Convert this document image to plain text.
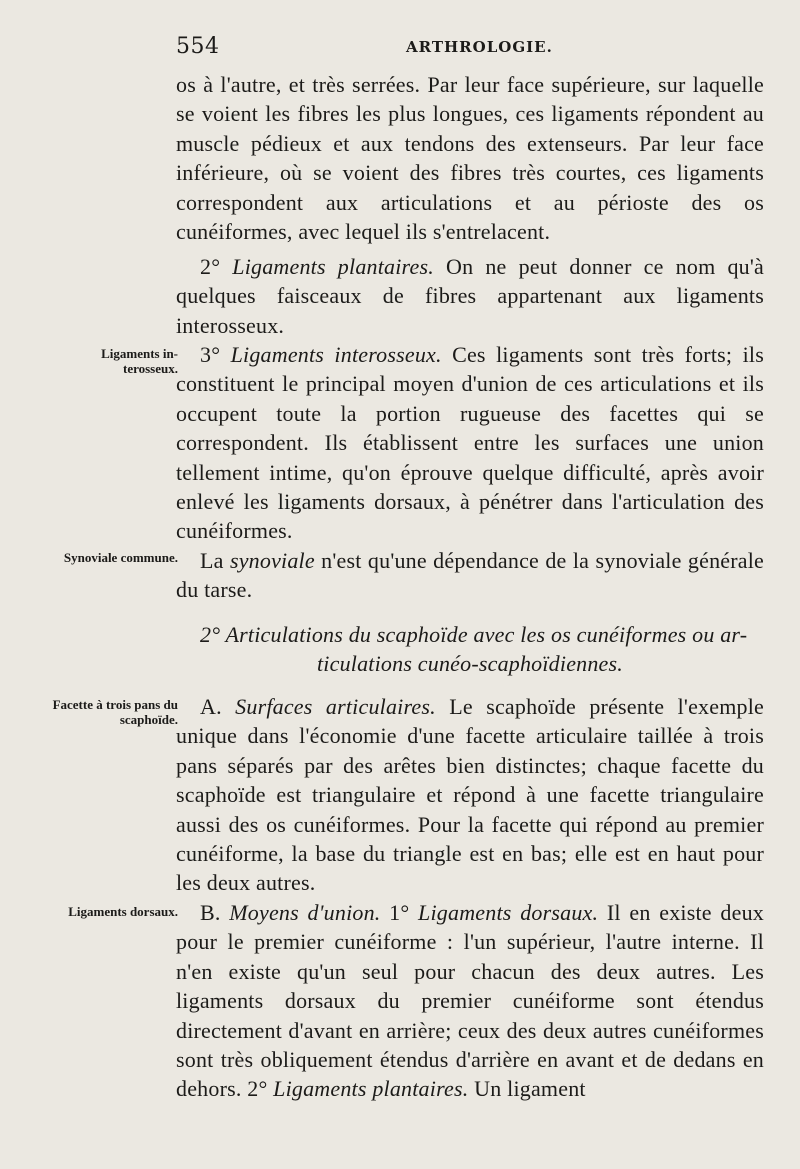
554	ARTHROLOGIE.
Ligaments in-terosseux.
Synoviale commune.
Facette à trois pans du scaphoïde.
Ligaments dorsaux.

os à l'autre, et très serrées. Par leur face supérieure, sur laquelle se voient les fibres les plus longues, ces ligaments répondent au muscle pédieux et aux tendons des extenseurs. Par leur face inférieure, où se voient des fibres très courtes, ces ligaments correspondent aux articulations et au périoste des os cunéiformes, avec lequel ils s'entrelacent.

2° Ligaments plantaires. On ne peut donner ce nom qu'à quelques faisceaux de fibres appartenant aux ligaments interosseux.

3° Ligaments interosseux. Ces ligaments sont très forts; ils constituent le principal moyen d'union de ces articulations et ils occupent toute la portion rugueuse des facettes qui se correspondent. Ils établissent entre les surfaces une union tellement intime, qu'on éprouve quelque difficulté, après avoir enlevé les ligaments dorsaux, à pénétrer dans l'articulation des cunéiformes.

La synoviale n'est qu'une dépendance de la synoviale générale du tarse.

2° Articulations du scaphoïde avec les os cunéiformes ou ar-

ticulations cunéo-scaphoïdiennes.

A. Surfaces articulaires. Le scaphoïde présente l'exemple unique dans l'économie d'une facette articulaire taillée à trois pans séparés par des arêtes bien distinctes; chaque facette du scaphoïde est triangulaire et répond à une facette triangulaire aussi des os cunéiformes. Pour la facette qui répond au premier cunéiforme, la base du triangle est en bas; elle est en haut pour les deux autres.

B. Moyens d'union. 1° Ligaments dorsaux. Il en existe deux pour le premier cunéiforme : l'un supérieur, l'autre interne. Il n'en existe qu'un seul pour chacun des deux autres. Les ligaments dorsaux du premier cunéiforme sont étendus directement d'avant en arrière; ceux des deux autres cunéiformes sont très obliquement étendus d'arrière en avant et de dedans en dehors. 2° Ligaments plantaires. Un ligament
